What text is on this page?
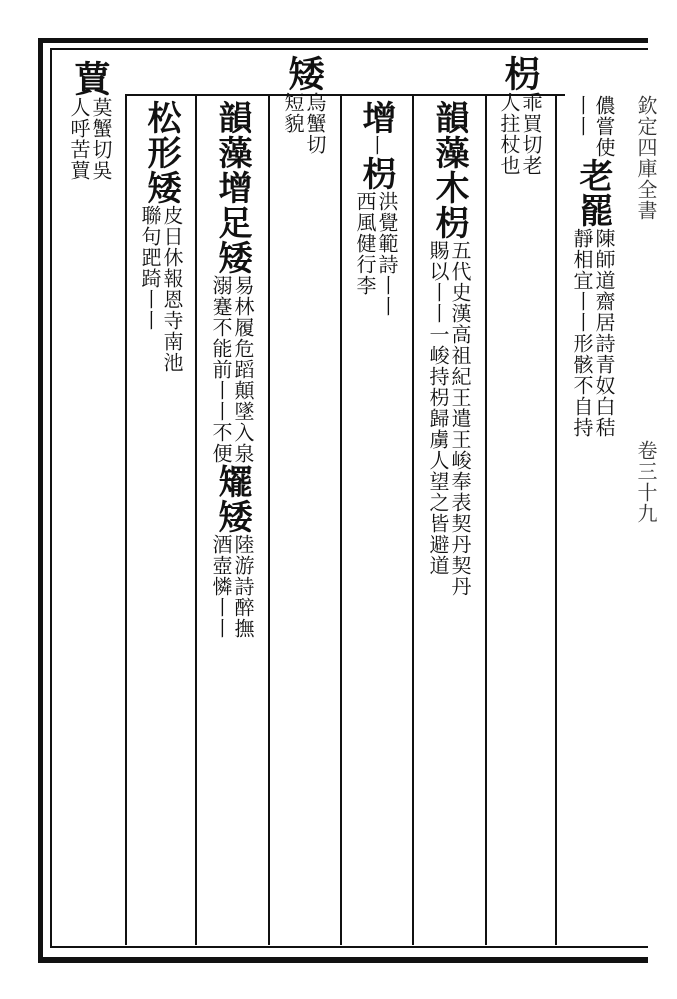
蕒
莫蟹切吳
人呼苦蕒 松形矮
皮日休報恩寺南池
聯句跁踦丨丨
韻藻
增
足矮
易林履危蹈顛墜入泉
溺蹇不能前丨丨不便
矲矮
陸游詩醉撫
酒壺憐丨丨
矮
烏蟹切
短貌 增
丨
枴
洪覺範詩丨丨
西風健行李
韻藻
木枴
五代史漢高祖紀王遣王峻奉表契丹契丹
賜以丨丨一峻持枴歸虜人望之皆避道
枴
乖買切老
人拄杖也	儂嘗使
丨丨
老罷
陳師道齋居詩青奴白秸
靜相宜丨丨形骸不自持
欽定四庫全書
卷三十九
